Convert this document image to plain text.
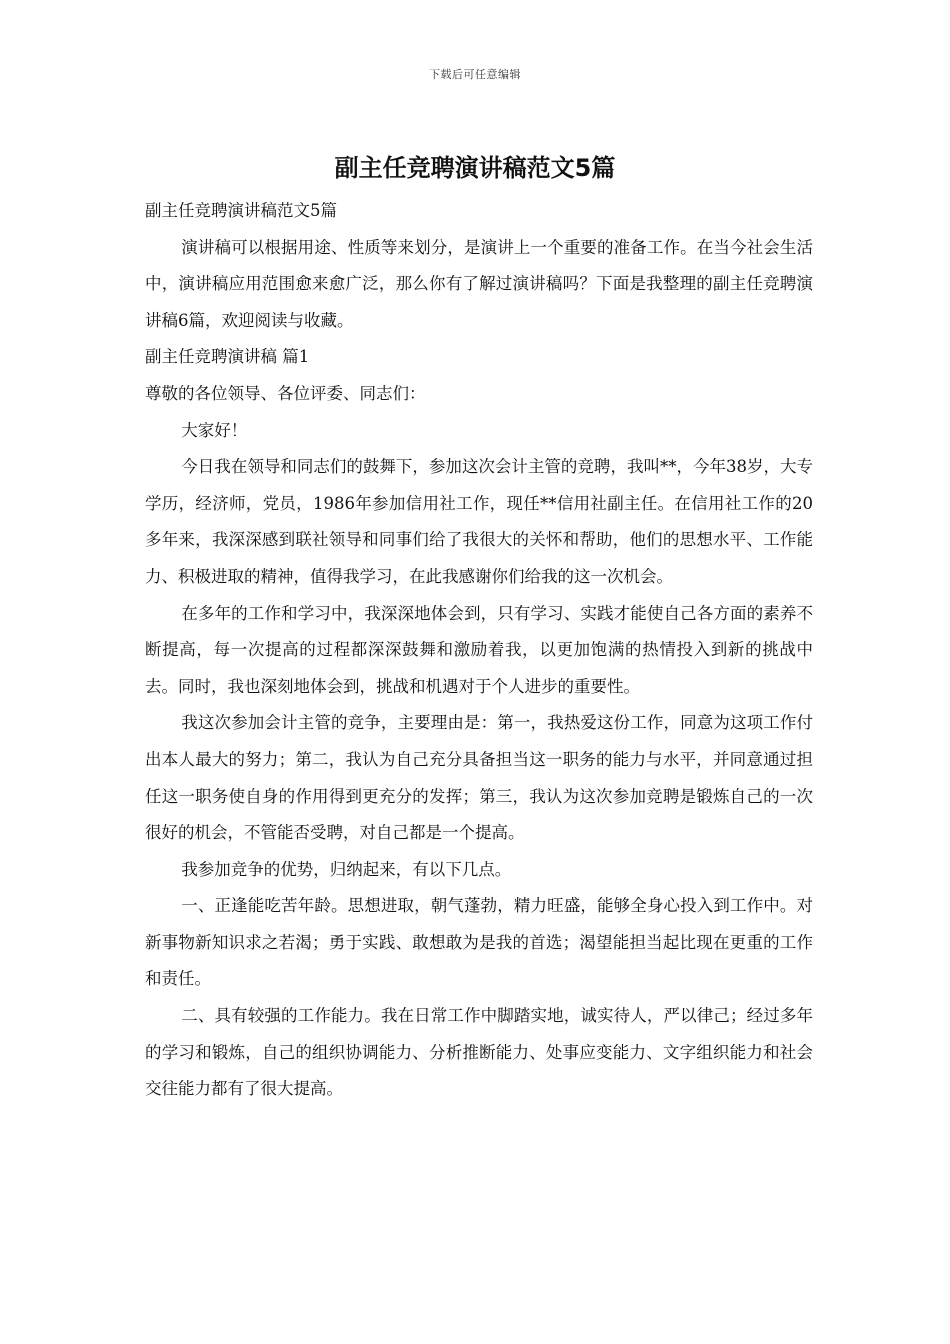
下载后可任意编辑
副主任竞聘演讲稿范文5篇

副主任竞聘演讲稿范文5篇

演讲稿可以根据用途、性质等来划分，是演讲上一个重要的准备工作。在当今社会生活中，演讲稿应用范围愈来愈广泛，那么你有了解过演讲稿吗？下面是我整理的副主任竞聘演讲稿6篇，欢迎阅读与收藏。

副主任竞聘演讲稿 篇1

尊敬的各位领导、各位评委、同志们：

大家好！

今日我在领导和同志们的鼓舞下，参加这次会计主管的竞聘，我叫**，今年38岁，大专学历，经济师，党员，1986年参加信用社工作，现任**信用社副主任。在信用社工作的20多年来，我深深感到联社领导和同事们给了我很大的关怀和帮助，他们的思想水平、工作能力、积极进取的精神，值得我学习，在此我感谢你们给我的这一次机会。

在多年的工作和学习中，我深深地体会到，只有学习、实践才能使自己各方面的素养不断提高，每一次提高的过程都深深鼓舞和激励着我，以更加饱满的热情投入到新的挑战中去。同时，我也深刻地体会到，挑战和机遇对于个人进步的重要性。

我这次参加会计主管的竞争，主要理由是：第一，我热爱这份工作，同意为这项工作付出本人最大的努力；第二，我认为自己充分具备担当这一职务的能力与水平，并同意通过担任这一职务使自身的作用得到更充分的发挥；第三，我认为这次参加竞聘是锻炼自己的一次很好的机会，不管能否受聘，对自己都是一个提高。

我参加竞争的优势，归纳起来，有以下几点。

一、正逢能吃苦年龄。思想进取，朝气蓬勃，精力旺盛，能够全身心投入到工作中。对新事物新知识求之若渴；勇于实践、敢想敢为是我的首选；渴望能担当起比现在更重的工作和责任。

二、具有较强的工作能力。我在日常工作中脚踏实地，诚实待人，严以律己；经过多年的学习和锻炼，自己的组织协调能力、分析推断能力、处事应变能力、文字组织能力和社会交往能力都有了很大提高。
